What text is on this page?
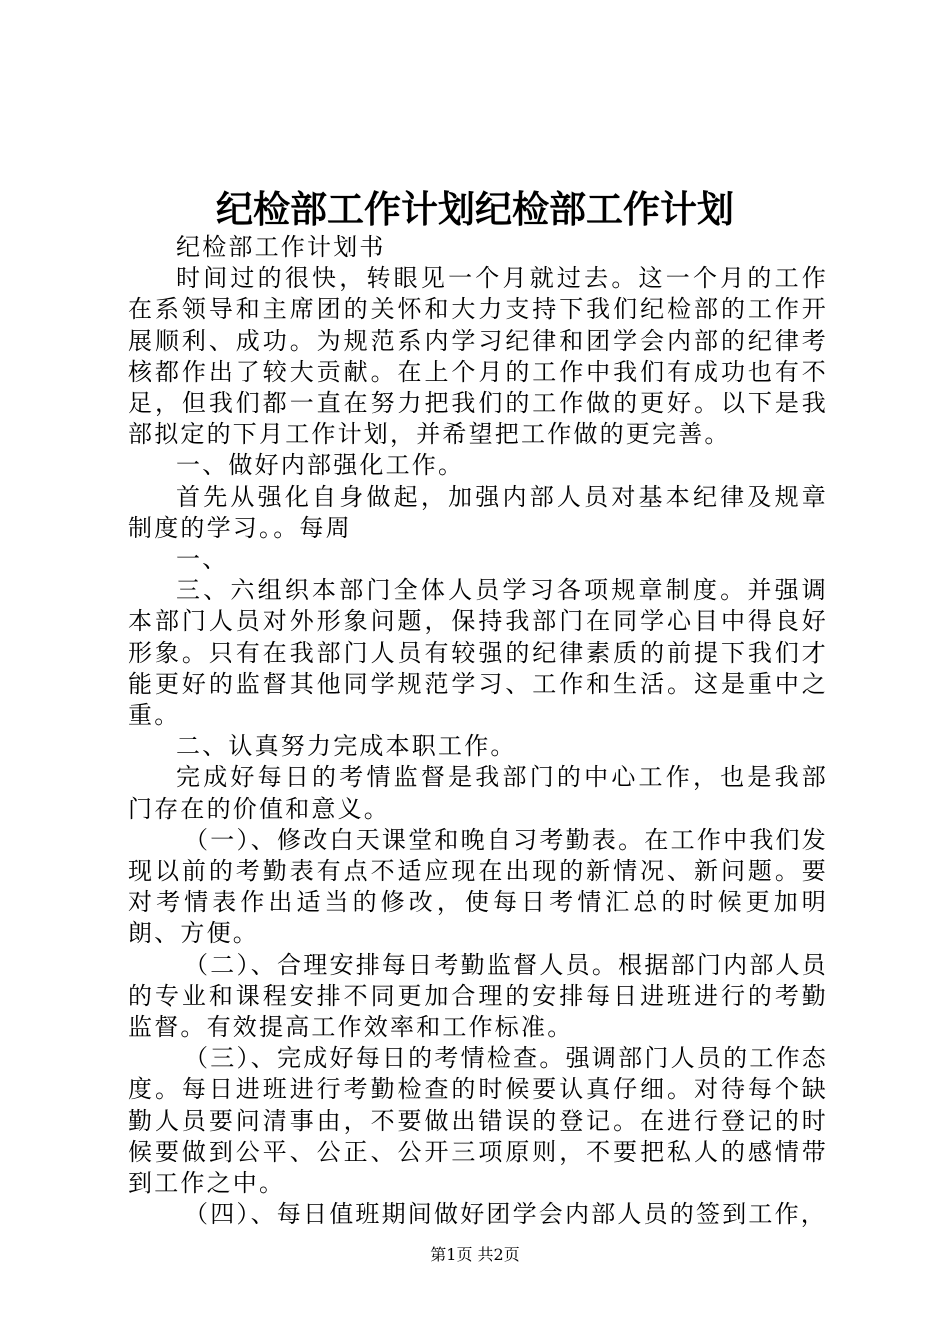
纪检部工作计划纪检部工作计划

纪检部工作计划书

时间过的很快，转眼见一个月就过去。这一个月的工作在系领导和主席团的关怀和大力支持下我们纪检部的工作开展顺利、成功。为规范系内学习纪律和团学会内部的纪律考核都作出了较大贡献。在上个月的工作中我们有成功也有不足，但我们都一直在努力把我们的工作做的更好。以下是我部拟定的下月工作计划，并希望把工作做的更完善。

一、做好内部强化工作。

首先从强化自身做起，加强内部人员对基本纪律及规章制度的学习。。每周

一、

三、六组织本部门全体人员学习各项规章制度。并强调本部门人员对外形象问题，保持我部门在同学心目中得良好形象。只有在我部门人员有较强的纪律素质的前提下我们才能更好的监督其他同学规范学习、工作和生活。这是重中之重。

二、认真努力完成本职工作。

完成好每日的考情监督是我部门的中心工作，也是我部门存在的价值和意义。

（一）、修改白天课堂和晚自习考勤表。在工作中我们发现以前的考勤表有点不适应现在出现的新情况、新问题。要对考情表作出适当的修改，使每日考情汇总的时候更加明朗、方便。

（二）、合理安排每日考勤监督人员。根据部门内部人员的专业和课程安排不同更加合理的安排每日进班进行的考勤监督。有效提高工作效率和工作标准。

（三）、完成好每日的考情检查。强调部门人员的工作态度。每日进班进行考勤检查的时候要认真仔细。对待每个缺勤人员要问清事由，不要做出错误的登记。在进行登记的时候要做到公平、公正、公开三项原则，不要把私人的感情带到工作之中。

（四）、每日值班期间做好团学会内部人员的签到工作，

第1页 共2页
